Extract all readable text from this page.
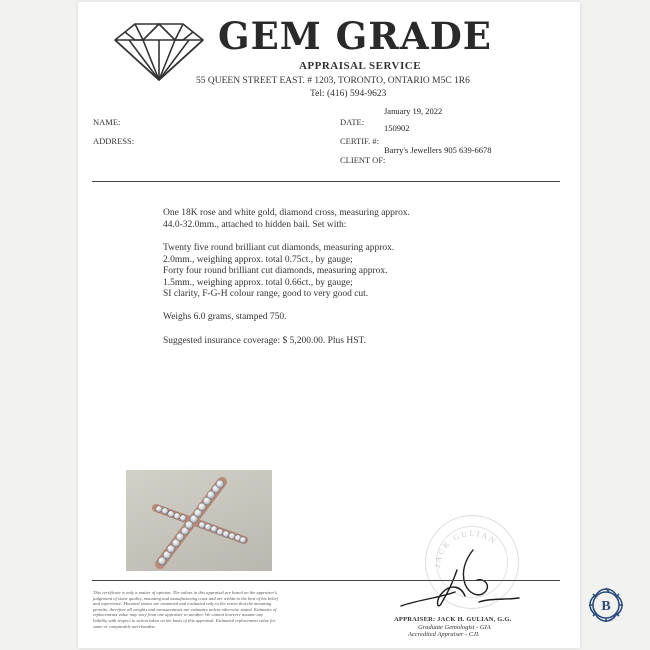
GEM GRADE
APPRAISAL SERVICE
55 QUEEN STREET EAST. # 1203, TORONTO, ONTARIO M5C 1R6
Tel: (416) 594-9623
January 19, 2022
NAME:	DATE:
150902
ADDRESS:	CERTIF. #:
Barry's Jewellers 905 639-6678
CLIENT OF:
One 18K rose and white gold, diamond cross, measuring approx.
44.0-32.0mm., attached to hidden bail. Set with:
Twenty five round brilliant cut diamonds, measuring approx.
2.0mm., weighing approx. total 0.75ct., by gauge;
Forty four round brilliant cut diamonds, measuring approx.
1.5mm., weighing approx. total 0.66ct., by gauge;
SI clarity, F-G-H colour range, good to very good cut.
Weighs 6.0 grams, stamped 750.
Suggested insurance coverage: $ 5,200.00. Plus HST.
JACK GULIAN
This certificate is only a matter of opinion. The values in this appraisal are based on the appraiser's
judgement of stone quality, mounting and manufacturing costs and are within to the best of his belief
and experience. Mounted stones are examined and evaluated only to the extent that the mounting
permits; therefore all weights and measurements are estimates unless otherwise stated. Estimates of
replacements value may vary from one appraiser to another. We cannot however assume any
liability with respect to action taken on the basis of this appraisal. Estimated replacement value for
same or comparable merchandise.
APPRAISER: JACK H. GULIAN, G.G.
Graduate Gemologist - GIA
Accredited Appraiser - CJI.
B
